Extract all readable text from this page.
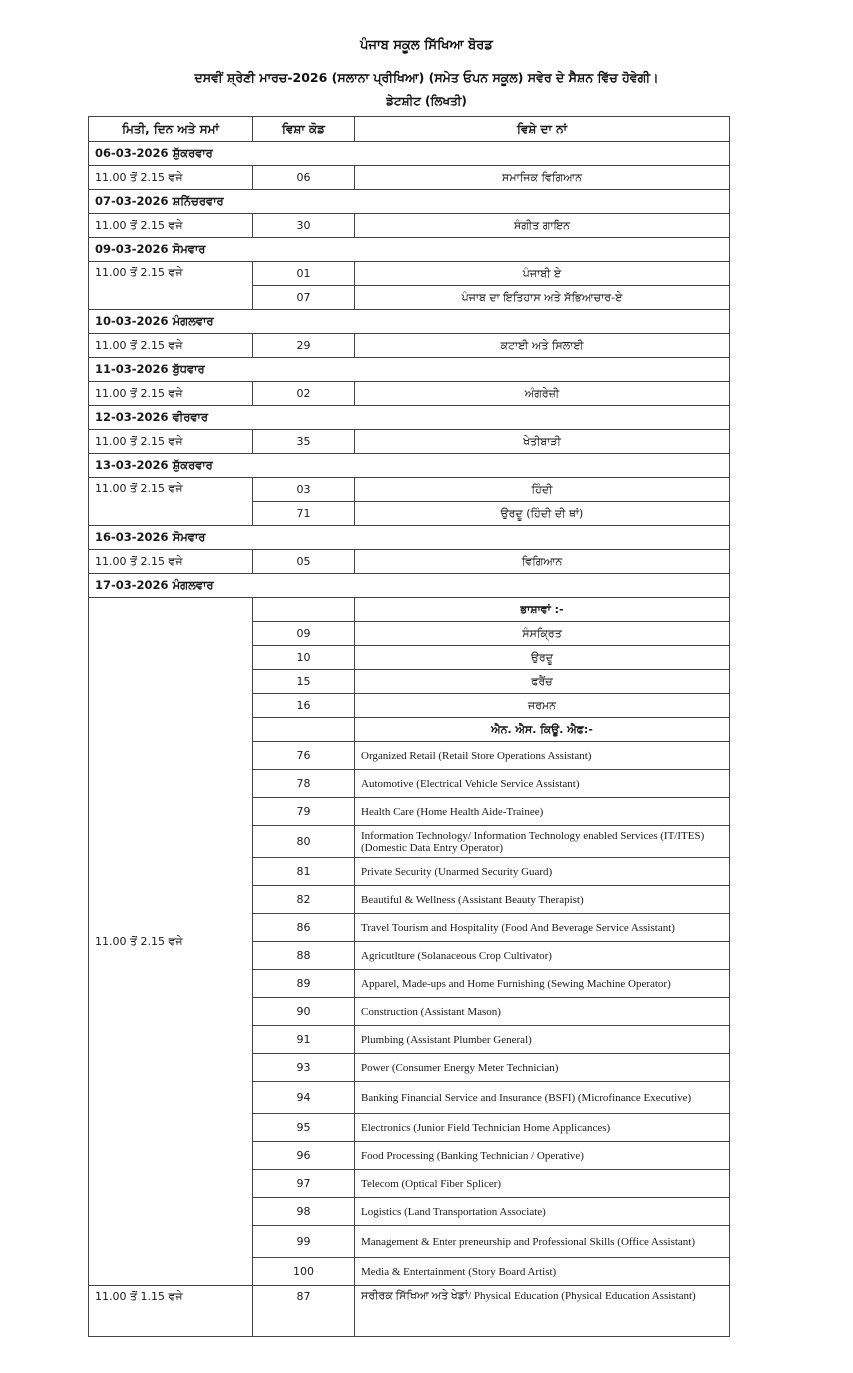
ਪੰਜਾਬ ਸਕੂਲ ਸਿੱਖਿਆ ਬੋਰਡ
ਦਸਵੀਂ ਸ਼੍ਰੇਣੀ ਮਾਰਚ-2026 (ਸਲਾਨਾ ਪ੍ਰੀਖਿਆ) (ਸਮੇਤ ਓਪਨ ਸਕੂਲ) ਸਵੇਰ ਦੇ ਸੈਸ਼ਨ ਵਿੱਚ ਹੋਵੇਗੀ।
ਡੇਟਸ਼ੀਟ (ਲਿਖਤੀ)
ਮਿਤੀ, ਦਿਨ ਅਤੇ ਸਮਾਂ	ਵਿਸ਼ਾ ਕੋਡ	ਵਿਸ਼ੇ ਦਾ ਨਾਂ
06-03-2026 ਸ਼ੁੱਕਰਵਾਰ		
11.00 ਤੋਂ 2.15 ਵਜੇ	06	ਸਮਾਜਿਕ ਵਿਗਿਆਨ
07-03-2026 ਸ਼ਨਿੱਚਰਵਾਰ		
11.00 ਤੋਂ 2.15 ਵਜੇ	30	ਸੰਗੀਤ ਗਾਇਨ
09-03-2026 ਸੋਮਵਾਰ		
11.00 ਤੋਂ 2.15 ਵਜੇ	01	ਪੰਜਾਬੀ ਏ
	07	ਪੰਜਾਬ ਦਾ ਇਤਿਹਾਸ ਅਤੇ ਸੱਭਿਆਚਾਰ-ਏ
10-03-2026 ਮੰਗਲਵਾਰ		
11.00 ਤੋਂ 2.15 ਵਜੇ	29	ਕਟਾਈ ਅਤੇ ਸਿਲਾਈ
11-03-2026 ਬੁੱਧਵਾਰ		
11.00 ਤੋਂ 2.15 ਵਜੇ	02	ਅੰਗਰੇਜ਼ੀ
12-03-2026 ਵੀਰਵਾਰ		
11.00 ਤੋਂ 2.15 ਵਜੇ	35	ਖੇਤੀਬਾੜੀ
13-03-2026 ਸ਼ੁੱਕਰਵਾਰ		
11.00 ਤੋਂ 2.15 ਵਜੇ	03	ਹਿੰਦੀ
	71	ਉਰਦੂ (ਹਿੰਦੀ ਦੀ ਥਾਂ)
16-03-2026 ਸੋਮਵਾਰ		
11.00 ਤੋਂ 2.15 ਵਜੇ	05	ਵਿਗਿਆਨ
17-03-2026 ਮੰਗਲਵਾਰ		
11.00 ਤੋਂ 2.15 ਵਜੇ		ਭਾਸ਼ਾਵਾਂ :-
	09	ਸੰਸਕ੍ਰਿਤ
	10	ਉਰਦੂ
	15	ਫਰੈਂਚ
	16	ਜਰਮਨ
		ਐਨ. ਐਸ. ਕਿਊ. ਐਫ:-
	76	Organized Retail (Retail Store Operations Assistant)
	78	Automotive (Electrical Vehicle Service Assistant)
	79	Health Care (Home Health Aide-Trainee)
	80	Information Technology/ Information Technology enabled Services (IT/ITES) (Domestic Data Entry Operator)
	81	Private Security (Unarmed Security Guard)
	82	Beautiful & Wellness (Assistant Beauty Therapist)
	86	Travel Tourism and Hospitality (Food And Beverage Service Assistant)
	88	Agricutlture (Solanaceous Crop Cultivator)
	89	Apparel, Made-ups and Home Furnishing (Sewing Machine Operator)
	90	Construction (Assistant Mason)
	91	Plumbing (Assistant Plumber General)
	93	Power (Consumer Energy Meter Technician)
	94	Banking Financial Service and Insurance (BSFI) (Microfinance Executive)
	95	Electronics (Junior Field Technician Home Applicances)
	96	Food Processing (Banking Technician / Operative)
	97	Telecom (Optical Fiber Splicer)
	98	Logistics (Land Transportation Associate)
	99	Management & Enter preneurship and Professional Skills (Office Assistant)
	100	Media & Entertainment (Story Board Artist)
11.00 ਤੋਂ 1.15 ਵਜੇ	87	ਸਰੀਰਕ ਸਿੱਖਿਆ ਅਤੇ ਖੇਡਾਂ/ Physical Education (Physical Education Assistant)
